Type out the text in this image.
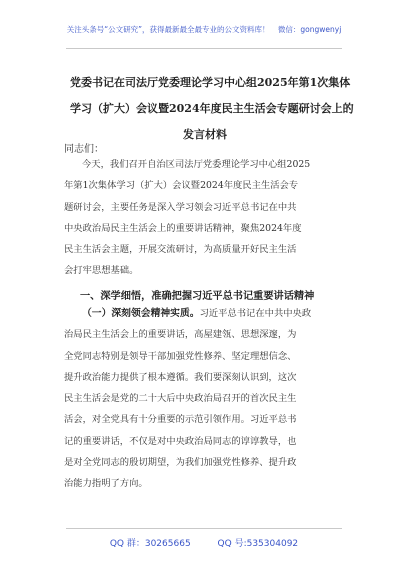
关注头条号“公文研究”，获得最新最全最专业的公文资料库！ 微信：gongwenyj
党委书记在司法厅党委理论学习中心组2025年第1次集体
学习（扩大）会议暨2024年度民主生活会专题研讨会上的
发言材料
同志们：
今天，我们召开自治区司法厅党委理论学习中心组2025
年第1次集体学习（扩大）会议暨2024年度民主生活会专
题研讨会，主要任务是深入学习领会习近平总书记在中共
中央政治局民主生活会上的重要讲话精神，聚焦2024年度
民主生活会主题，开展交流研讨，为高质量开好民主生活
会打牢思想基础。
一、深学细悟，准确把握习近平总书记重要讲话精神
（一）深刻领会精神实质。习近平总书记在中共中央政
治局民主生活会上的重要讲话，高屋建瓴、思想深邃，为
全党同志特别是领导干部加强党性修养、坚定理想信念、
提升政治能力提供了根本遵循。我们要深刻认识到，这次
民主生活会是党的二十大后中央政治局召开的首次民主生
活会，对全党具有十分重要的示范引领作用。习近平总书
记的重要讲话，不仅是对中央政治局同志的谆谆教导，也
是对全党同志的殷切期望，为我们加强党性修养、提升政
治能力指明了方向。
QQ 群：30265665	QQ 号:535304092
